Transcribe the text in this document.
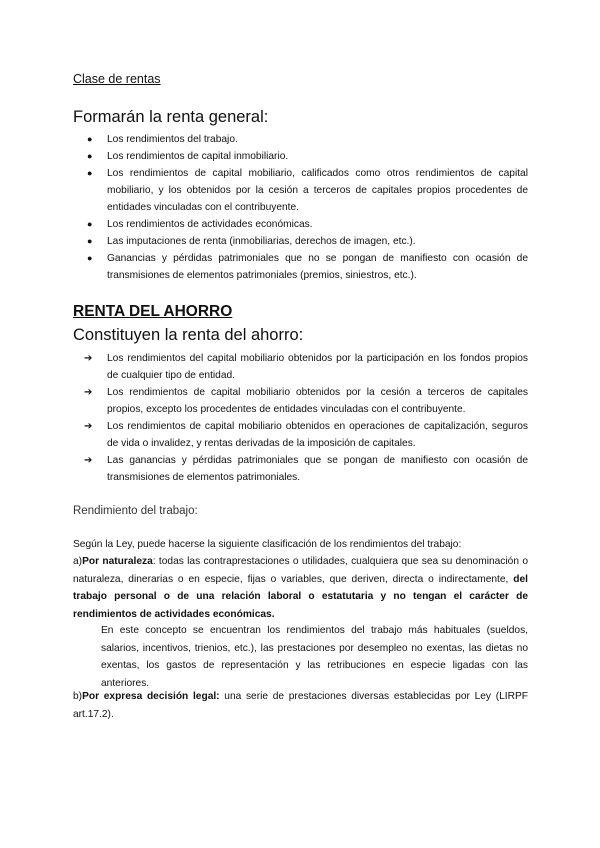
Clase de rentas
Formarán la renta general:
● Los rendimientos del trabajo.
● Los rendimientos de capital inmobiliario.
● Los rendimientos de capital mobiliario, calificados como otros rendimientos de capital mobiliario, y los obtenidos por la cesión a terceros de capitales propios procedentes de entidades vinculadas con el contribuyente.
● Los rendimientos de actividades económicas.
● Las imputaciones de renta (inmobiliarias, derechos de imagen, etc.).
● Ganancias y pérdidas patrimoniales que no se pongan de manifiesto con ocasión de transmisiones de elementos patrimoniales (premios, siniestros, etc.).
RENTA DEL AHORRO
Constituyen la renta del ahorro:
➔ Los rendimientos del capital mobiliario obtenidos por la participación en los fondos propios de cualquier tipo de entidad.
➔ Los rendimientos de capital mobiliario obtenidos por la cesión a terceros de capitales propios, excepto los procedentes de entidades vinculadas con el contribuyente.
➔ Los rendimientos de capital mobiliario obtenidos en operaciones de capitalización, seguros de vida o invalidez, y rentas derivadas de la imposición de capitales.
➔ Las ganancias y pérdidas patrimoniales que se pongan de manifiesto con ocasión de transmisiones de elementos patrimoniales.

Rendimiento del trabajo:

Según la Ley, puede hacerse la siguiente clasificación de los rendimientos del trabajo:

a)Por naturaleza: todas las contraprestaciones o utilidades, cualquiera que sea su denominación o naturaleza, dinerarias o en especie, fijas o variables, que deriven, directa o indirectamente, del trabajo personal o de una relación laboral o estatutaria y no tengan el carácter de rendimientos de actividades económicas.

En este concepto se encuentran los rendimientos del trabajo más habituales (sueldos, salarios, incentivos, trienios, etc.), las prestaciones por desempleo no exentas, las dietas no exentas, los gastos de representación y las retribuciones en especie ligadas con las anteriores.

b)Por expresa decisión legal: una serie de prestaciones diversas establecidas por Ley (LIRPF art.17.2).
